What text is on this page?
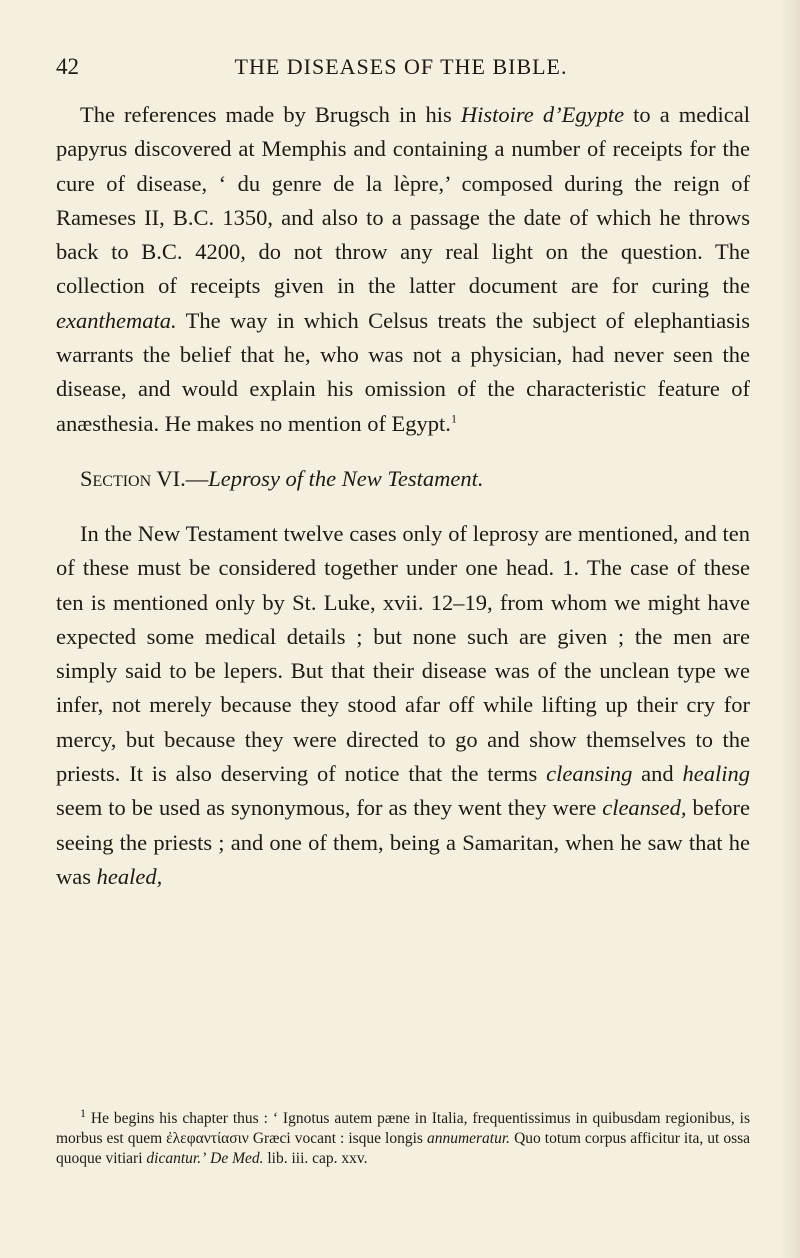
42	THE DISEASES OF THE BIBLE.

The references made by Brugsch in his Histoire d’Egypte to a medical papyrus discovered at Memphis and containing a number of receipts for the cure of disease, ‘ du genre de la lèpre,’ composed during the reign of Rameses II, B.C. 1350, and also to a passage the date of which he throws back to B.C. 4200, do not throw any real light on the question. The collection of receipts given in the latter document are for curing the exanthemata. The way in which Celsus treats the subject of elephantiasis warrants the belief that he, who was not a physician, had never seen the disease, and would explain his omission of the characteristic feature of anæsthesia. He makes no mention of Egypt.$^1$

Section VI.—Leprosy of the New Testament.

In the New Testament twelve cases only of leprosy are mentioned, and ten of these must be considered together under one head. 1. The case of these ten is mentioned only by St. Luke, xvii. 12–19, from whom we might have expected some medical details ; but none such are given ; the men are simply said to be lepers. But that their disease was of the unclean type we infer, not merely because they stood afar off while lifting up their cry for mercy, but because they were directed to go and show themselves to the priests. It is also deserving of notice that the terms cleansing and healing seem to be used as synonymous, for as they went they were cleansed, before seeing the priests ; and one of them, being a Samaritan, when he saw that he was healed,

$^1$ He begins his chapter thus : ‘ Ignotus autem pæne in Italia, frequentissimus in quibusdam regionibus, is morbus est quem ἐλεφαντίασιν Græci vocant : isque longis annumeratur. Quo totum corpus afficitur ita, ut ossa quoque vitiari dicantur.’ De Med. lib. iii. cap. xxv.
